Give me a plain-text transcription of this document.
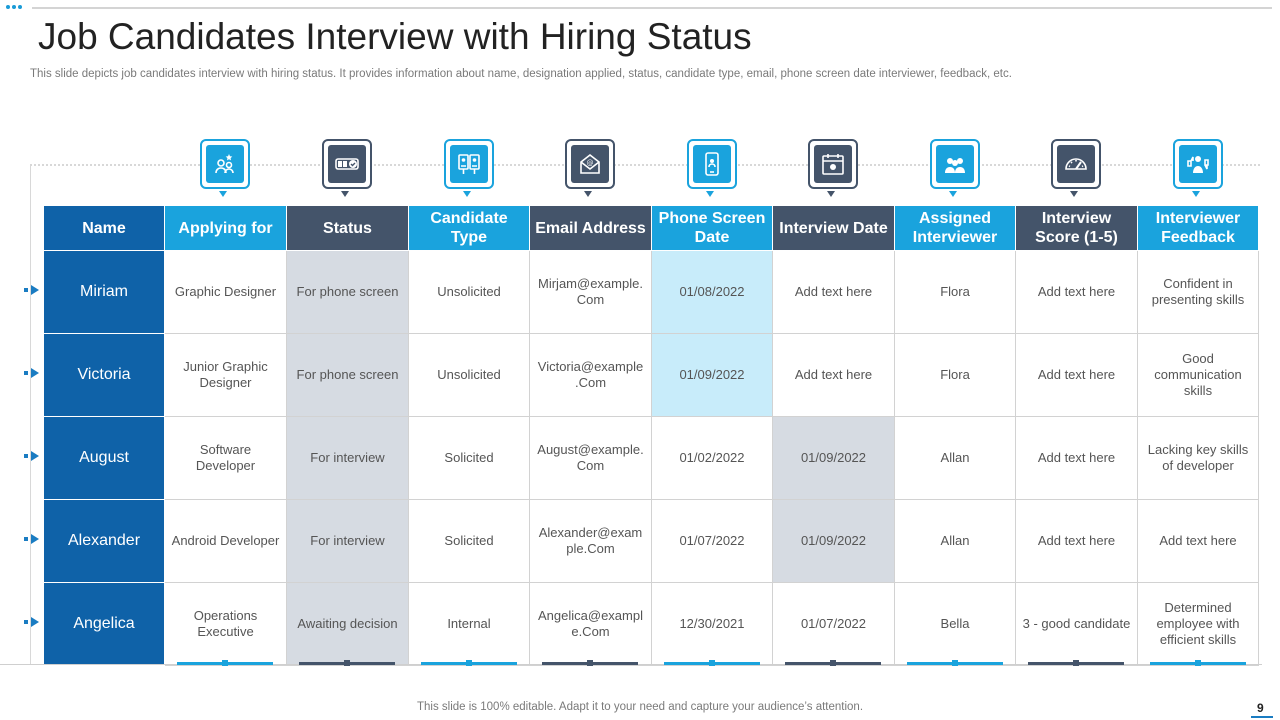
Job Candidates Interview with Hiring Status
This slide depicts job candidates interview with hiring status. It provides information about name, designation applied, status, candidate type, email, phone screen date interviewer, feedback, etc.
@
Name	Applying for	Status	Candidate Type	Email Address	Phone Screen Date	Interview Date	Assigned Interviewer	Interview Score (1-5)	Interviewer Feedback
Miriam	Graphic Designer	For phone screen	Unsolicited	Mirjam@example.Com	01/08/2022	Add text here	Flora	Add text here	Confident in presenting skills
Victoria	Junior Graphic Designer	For phone screen	Unsolicited	Victoria@example.Com	01/09/2022	Add text here	Flora	Add text here	Good communication skills
August	Software Developer	For interview	Solicited	August@example.Com	01/02/2022	01/09/2022	Allan	Add text here	Lacking key skills of developer
Alexander	Android Developer	For interview	Solicited	Alexander@example.Com	01/07/2022	01/09/2022	Allan	Add text here	Add text here
Angelica	Operations Executive	Awaiting decision	Internal	Angelica@example.Com	12/30/2021	01/07/2022	Bella	3 - good candidate	Determined employee with efficient skills
This slide is 100% editable. Adapt it to your need and capture your audience’s attention.	9
